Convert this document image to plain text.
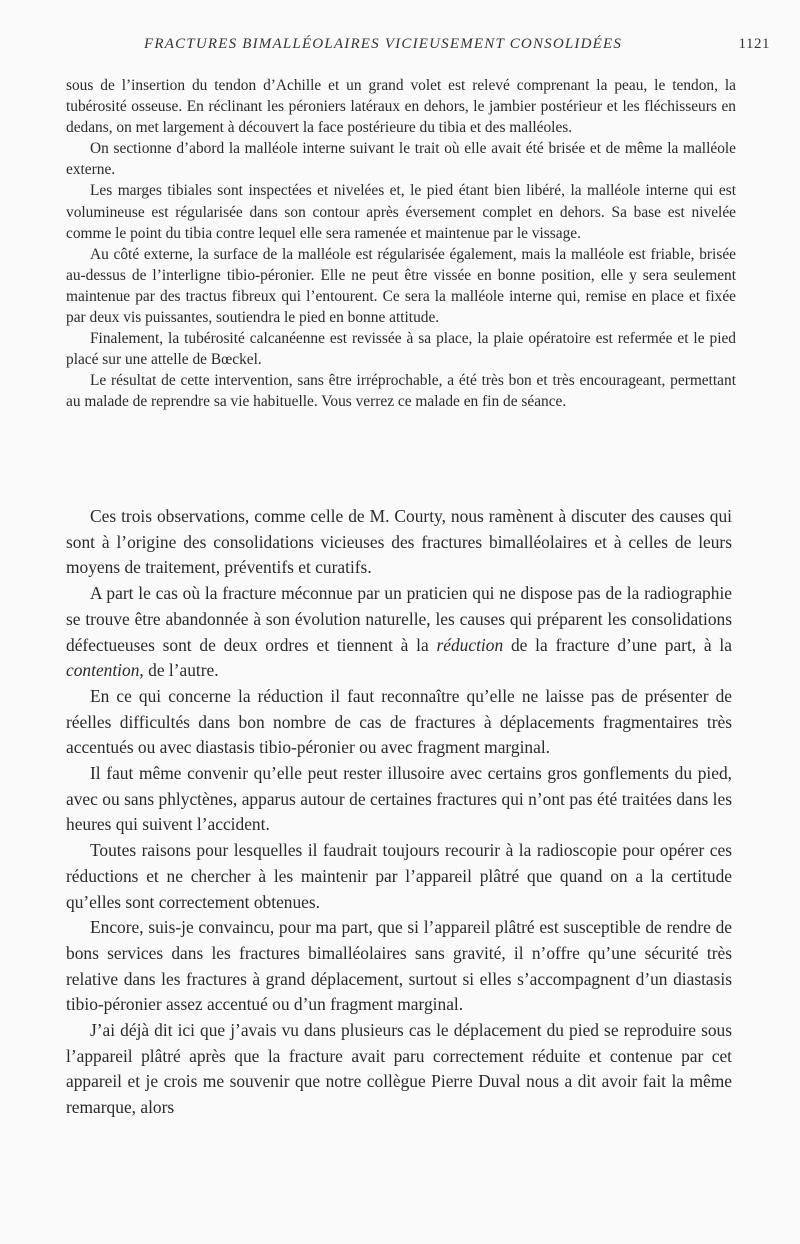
FRACTURES BIMALLÉOLAIRES VICIEUSEMENT CONSOLIDÉES	1121

sous de l’insertion du tendon d’Achille et un grand volet est relevé comprenant la peau, le tendon, la tubérosité osseuse. En réclinant les péroniers latéraux en dehors, le jambier postérieur et les fléchisseurs en dedans, on met largement à découvert la face postérieure du tibia et des malléoles.

On sectionne d’abord la malléole interne suivant le trait où elle avait été brisée et de même la malléole externe.

Les marges tibiales sont inspectées et nivelées et, le pied étant bien libéré, la malléole interne qui est volumineuse est régularisée dans son contour après éversement complet en dehors. Sa base est nivelée comme le point du tibia contre lequel elle sera ramenée et maintenue par le vissage.

Au côté externe, la surface de la malléole est régularisée également, mais la malléole est friable, brisée au-dessus de l’interligne tibio-péronier. Elle ne peut être vissée en bonne position, elle y sera seulement maintenue par des tractus fibreux qui l’entourent. Ce sera la malléole interne qui, remise en place et fixée par deux vis puissantes, soutiendra le pied en bonne attitude.

Finalement, la tubérosité calcanéenne est revissée à sa place, la plaie opératoire est refermée et le pied placé sur une attelle de Bœckel.

Le résultat de cette intervention, sans être irréprochable, a été très bon et très encourageant, permettant au malade de reprendre sa vie habituelle. Vous verrez ce malade en fin de séance.

Ces trois observations, comme celle de M. Courty, nous ramènent à discuter des causes qui sont à l’origine des consolidations vicieuses des fractures bimalléolaires et à celles de leurs moyens de traitement, préventifs et curatifs.

A part le cas où la fracture méconnue par un praticien qui ne dispose pas de la radiographie se trouve être abandonnée à son évolution naturelle, les causes qui préparent les consolidations défectueuses sont de deux ordres et tiennent à la réduction de la fracture d’une part, à la contention, de l’autre.

En ce qui concerne la réduction il faut reconnaître qu’elle ne laisse pas de présenter de réelles difficultés dans bon nombre de cas de fractures à déplacements fragmentaires très accentués ou avec diastasis tibio-péronier ou avec fragment marginal.

Il faut même convenir qu’elle peut rester illusoire avec certains gros gonflements du pied, avec ou sans phlyctènes, apparus autour de certaines fractures qui n’ont pas été traitées dans les heures qui suivent l’accident.

Toutes raisons pour lesquelles il faudrait toujours recourir à la radioscopie pour opérer ces réductions et ne chercher à les maintenir par l’appareil plâtré que quand on a la certitude qu’elles sont correctement obtenues.

Encore, suis-je convaincu, pour ma part, que si l’appareil plâtré est susceptible de rendre de bons services dans les fractures bimalléolaires sans gravité, il n’offre qu’une sécurité très relative dans les fractures à grand déplacement, surtout si elles s’accompagnent d’un diastasis tibio-péronier assez accentué ou d’un fragment marginal.

J’ai déjà dit ici que j’avais vu dans plusieurs cas le déplacement du pied se reproduire sous l’appareil plâtré après que la fracture avait paru correctement réduite et contenue par cet appareil et je crois me souvenir que notre collègue Pierre Duval nous a dit avoir fait la même remarque, alors
